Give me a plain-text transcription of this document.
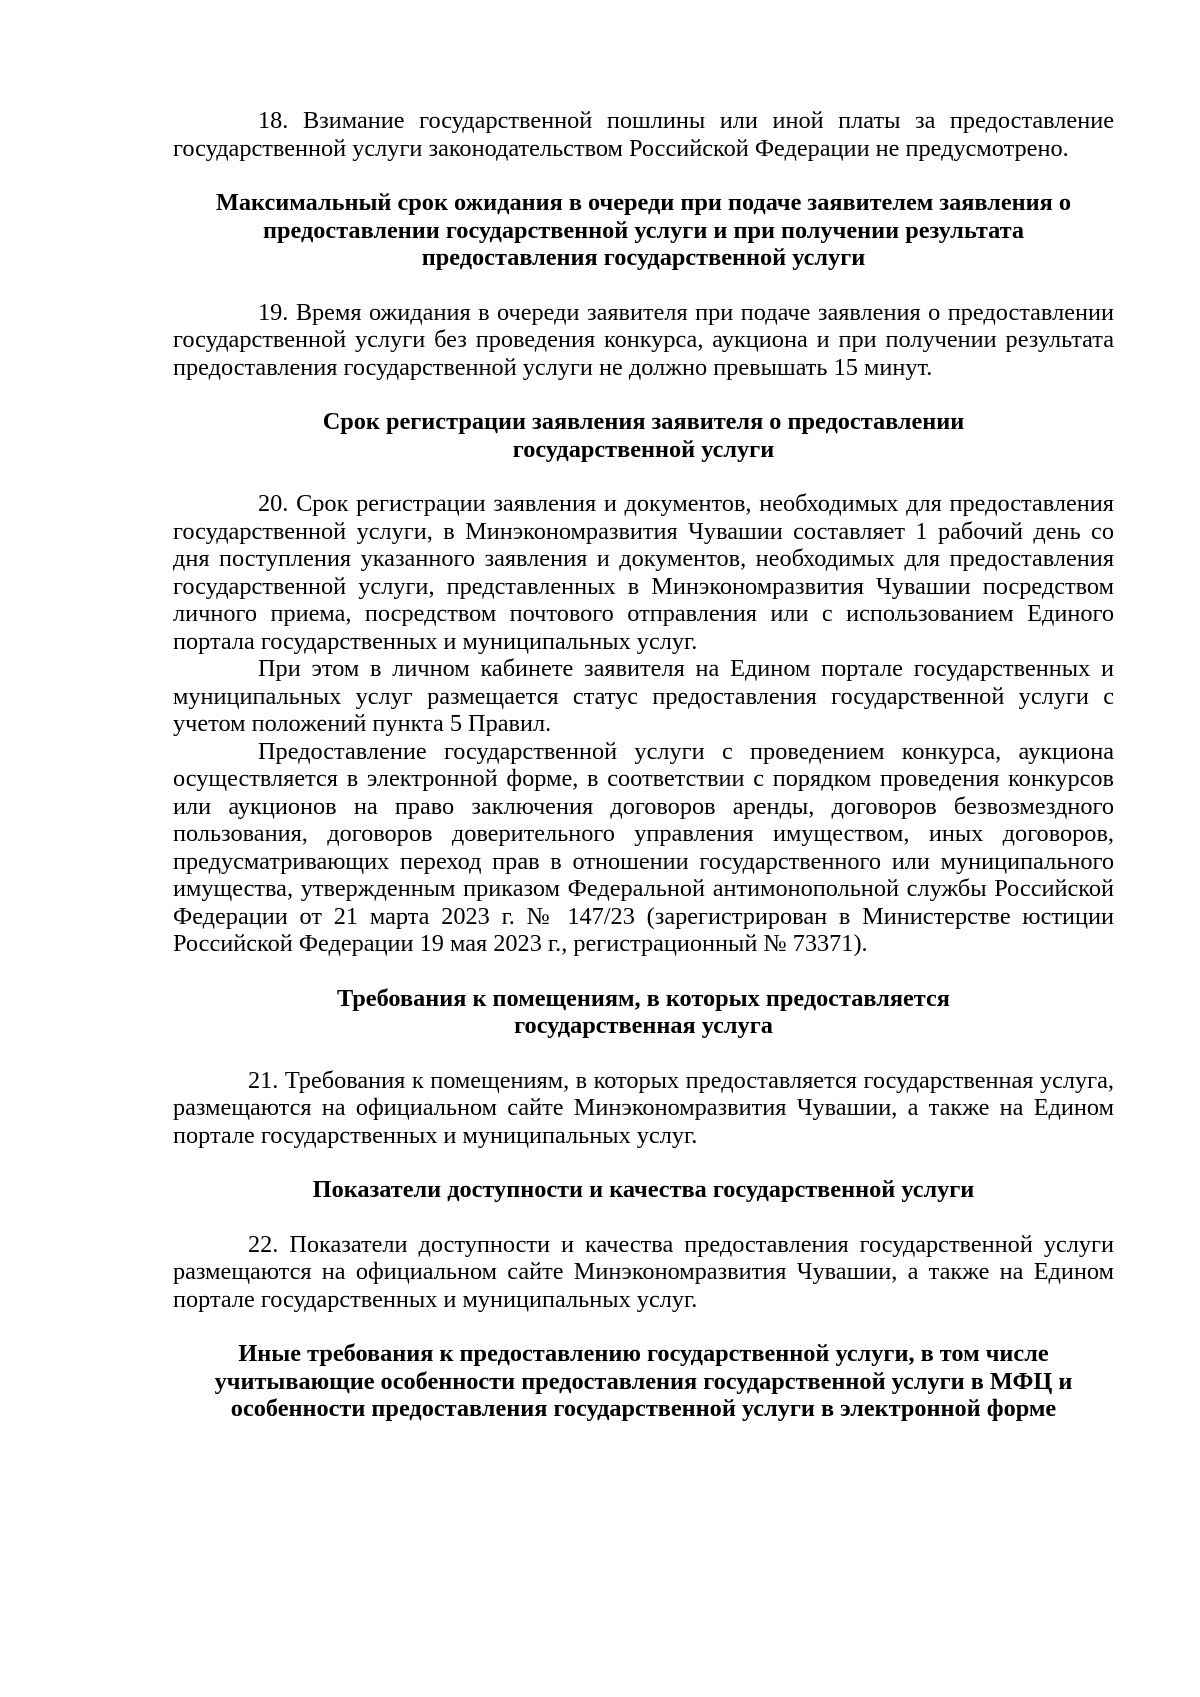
18. Взимание государственной пошлины или иной платы за предоставление государственной услуги законодательством Российской Федерации не предусмотрено.

Максимальный срок ожидания в очереди при подаче заявителем заявления о
предоставлении государственной услуги и при получении результата
предоставления государственной услуги

19. Время ожидания в очереди заявителя при подаче заявления о предоставлении государственной услуги без проведения конкурса, аукциона и при получении результата предоставления государственной услуги не должно превышать 15 минут.

Срок регистрации заявления заявителя о предоставлении
государственной услуги

20. Срок регистрации заявления и документов, необходимых для предоставления государственной услуги, в Минэкономразвития Чувашии составляет 1 рабочий день со дня поступления указанного заявления и документов, необходимых для предоставления государственной услуги, представленных в Минэкономразвития Чувашии посредством личного приема, посредством почтового отправления или с использованием Единого портала государственных и муниципальных услуг.

При этом в личном кабинете заявителя на Едином портале государственных и муниципальных услуг размещается статус предоставления государственной услуги с учетом положений пункта 5 Правил.

Предоставление государственной услуги с проведением конкурса, аукциона осуществляется в электронной форме, в соответствии с порядком проведения конкурсов или аукционов на право заключения договоров аренды, договоров безвозмездного пользования, договоров доверительного управления имуществом, иных договоров, предусматривающих переход прав в отношении государственного или муниципального имущества, утвержденным приказом Федеральной антимонопольной службы Российской Федерации от 21 марта 2023 г. № 147/23 (зарегистрирован в Министерстве юстиции Российской Федерации 19 мая 2023 г., регистрационный № 73371).

Требования к помещениям, в которых предоставляется
государственная услуга

21. Требования к помещениям, в которых предоставляется государственная услуга, размещаются на официальном сайте Минэкономразвития Чувашии, а также на Едином портале государственных и муниципальных услуг.

Показатели доступности и качества государственной услуги

22. Показатели доступности и качества предоставления государственной услуги размещаются на официальном сайте Минэкономразвития Чувашии, а также на Едином портале государственных и муниципальных услуг.

Иные требования к предоставлению государственной услуги, в том числе
учитывающие особенности предоставления государственной услуги в МФЦ и
особенности предоставления государственной услуги в электронной форме
